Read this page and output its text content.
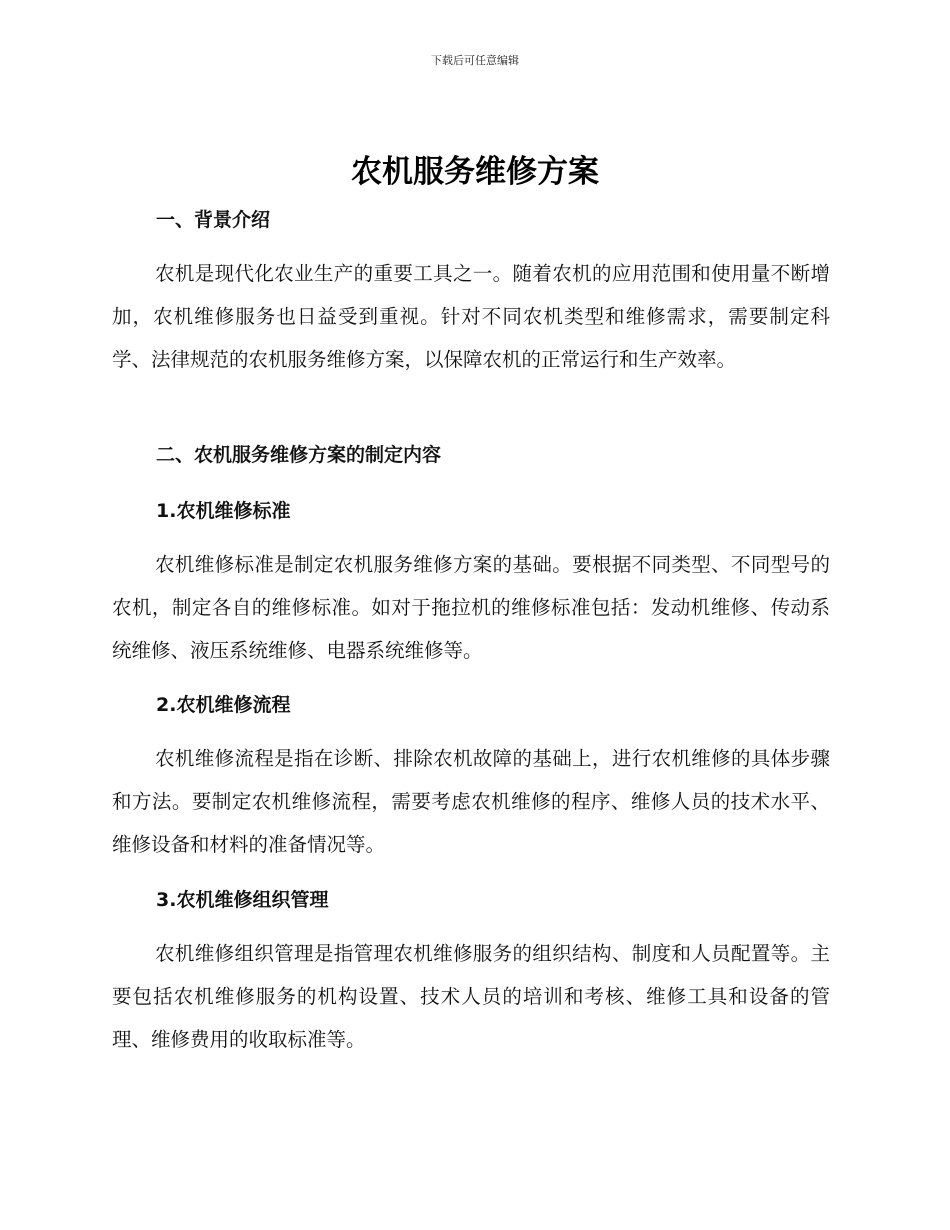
下载后可任意编辑
农机服务维修方案
一、背景介绍

农机是现代化农业生产的重要工具之一。随着农机的应用范围和使用量不断增加，农机维修服务也日益受到重视。针对不同农机类型和维修需求，需要制定科学、法律规范的农机服务维修方案，以保障农机的正常运行和生产效率。

二、农机服务维修方案的制定内容
1.农机维修标准

农机维修标准是制定农机服务维修方案的基础。要根据不同类型、不同型号的农机，制定各自的维修标准。如对于拖拉机的维修标准包括：发动机维修、传动系统维修、液压系统维修、电器系统维修等。

2.农机维修流程

农机维修流程是指在诊断、排除农机故障的基础上，进行农机维修的具体步骤和方法。要制定农机维修流程，需要考虑农机维修的程序、维修人员的技术水平、维修设备和材料的准备情况等。

3.农机维修组织管理

农机维修组织管理是指管理农机维修服务的组织结构、制度和人员配置等。主要包括农机维修服务的机构设置、技术人员的培训和考核、维修工具和设备的管理、维修费用的收取标准等。
